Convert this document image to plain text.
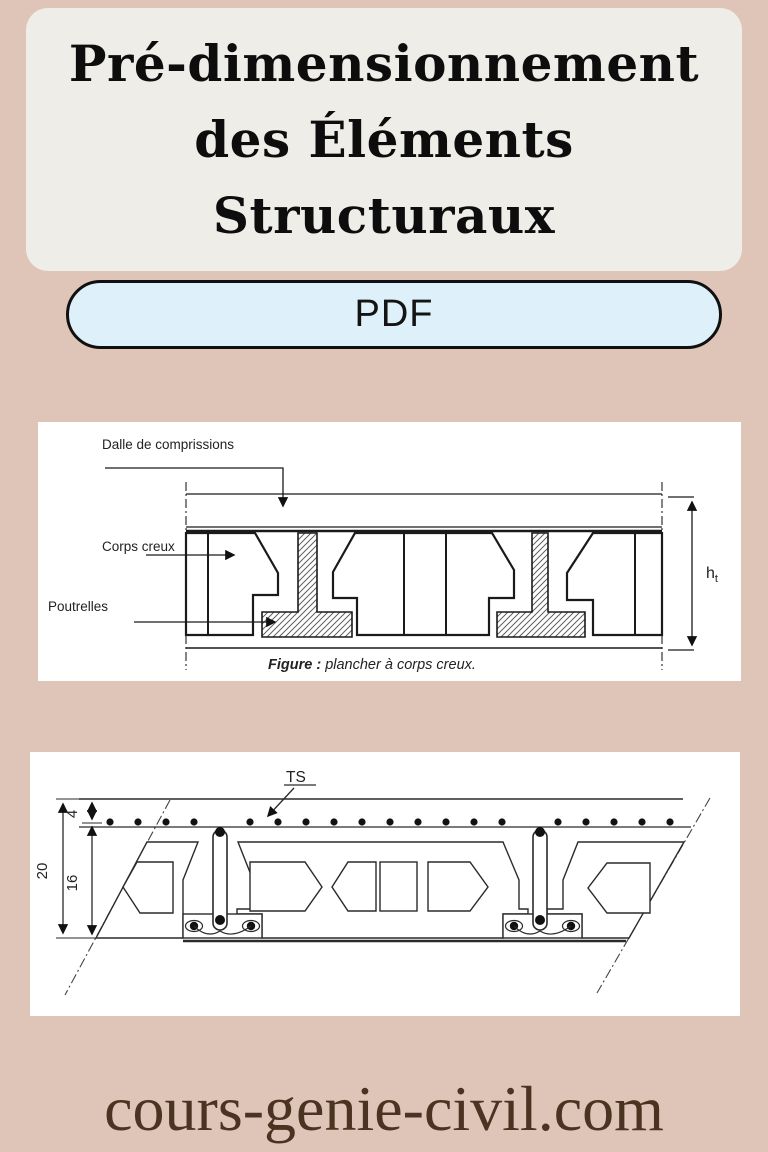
Pré-dimensionnement
des Éléments
Structuraux
PDF
$h_t$
Dalle de comprissions
Corps creux
Poutrelles
Figure : plancher à corps creux.
TS
4
16
20
cours-genie-civil.com
